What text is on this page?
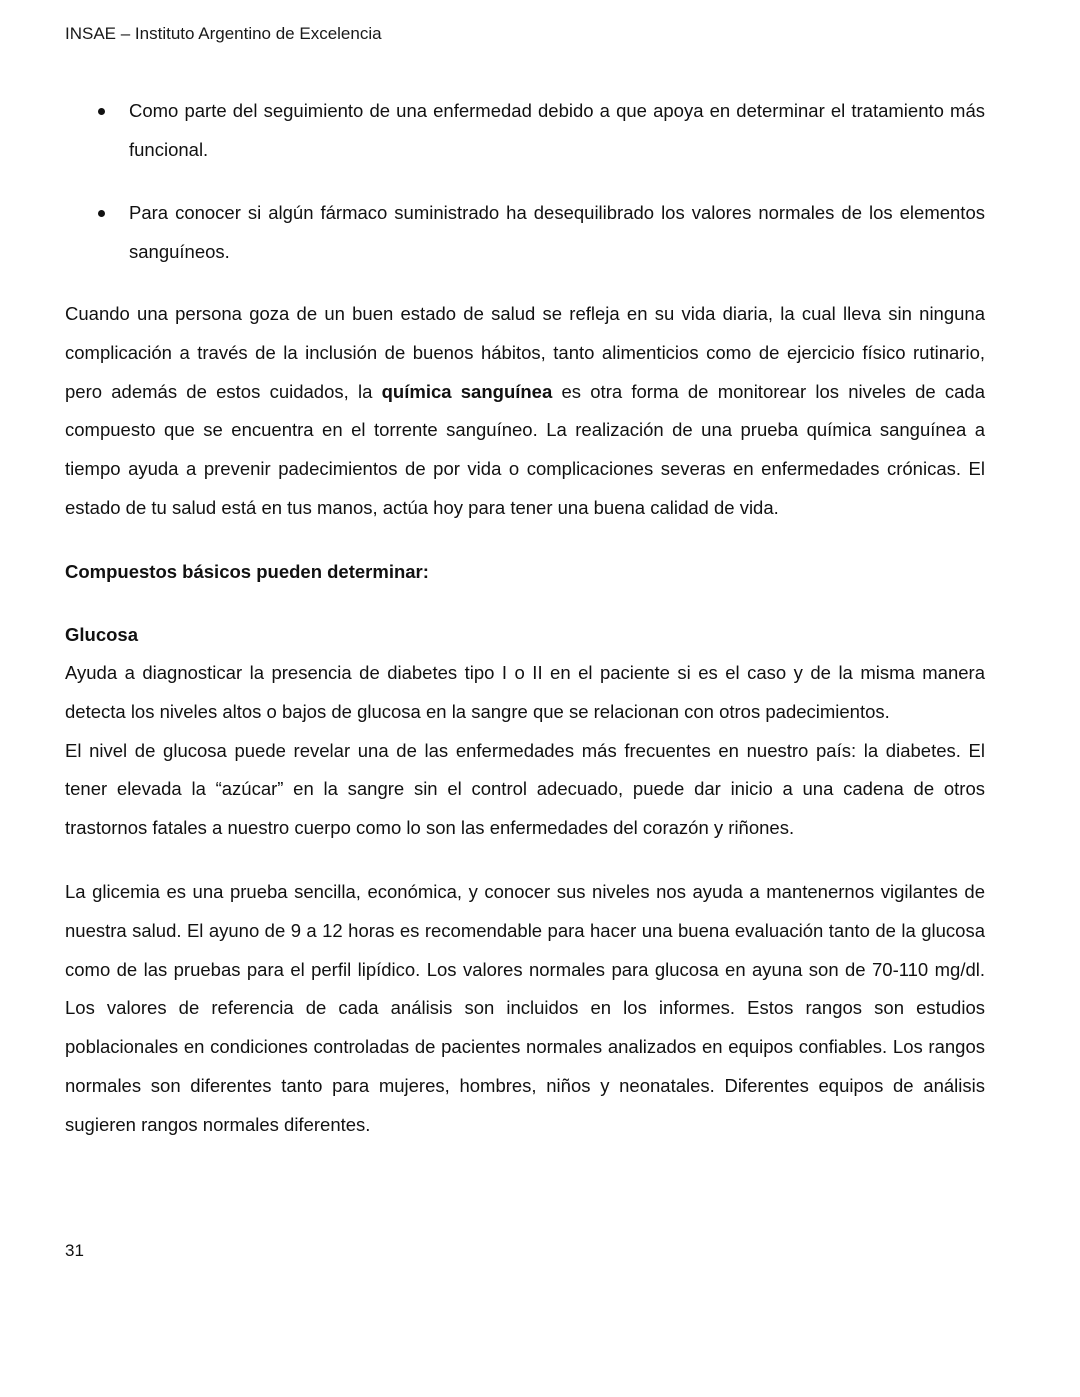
INSAE – Instituto Argentino de Excelencia
Como parte del seguimiento de una enfermedad debido a que apoya en determinar el tratamiento más funcional.
Para conocer si algún fármaco suministrado ha desequilibrado los valores normales de los elementos sanguíneos.

Cuando una persona goza de un buen estado de salud se refleja en su vida diaria, la cual lleva sin ninguna complicación a través de la inclusión de buenos hábitos, tanto alimenticios como de ejercicio físico rutinario, pero además de estos cuidados, la química sanguínea es otra forma de monitorear los niveles de cada compuesto que se encuentra en el torrente sanguíneo. La realización de una prueba química sanguínea a tiempo ayuda a prevenir padecimientos de por vida o complicaciones severas en enfermedades crónicas. El estado de tu salud está en tus manos, actúa hoy para tener una buena calidad de vida.

Compuestos básicos pueden determinar:
Glucosa

Ayuda a diagnosticar la presencia de diabetes tipo I o II en el paciente si es el caso y de la misma manera detecta los niveles altos o bajos de glucosa en la sangre que se relacionan con otros padecimientos.
El nivel de glucosa puede revelar una de las enfermedades más frecuentes en nuestro país: la diabetes. El tener elevada la “azúcar” en la sangre sin el control adecuado, puede dar inicio a una cadena de otros trastornos fatales a nuestro cuerpo como lo son las enfermedades del corazón y riñones.

La glicemia es una prueba sencilla, económica, y conocer sus niveles nos ayuda a mantenernos vigilantes de nuestra salud. El ayuno de 9 a 12 horas es recomendable para hacer una buena evaluación tanto de la glucosa como de las pruebas para el perfil lipídico. Los valores normales para glucosa en ayuna son de 70-110 mg/dl. Los valores de referencia de cada análisis son incluidos en los informes. Estos rangos son estudios poblacionales en condiciones controladas de pacientes normales analizados en equipos confiables. Los rangos normales son diferentes tanto para mujeres, hombres, niños y neonatales. Diferentes equipos de análisis sugieren rangos normales diferentes.

31
